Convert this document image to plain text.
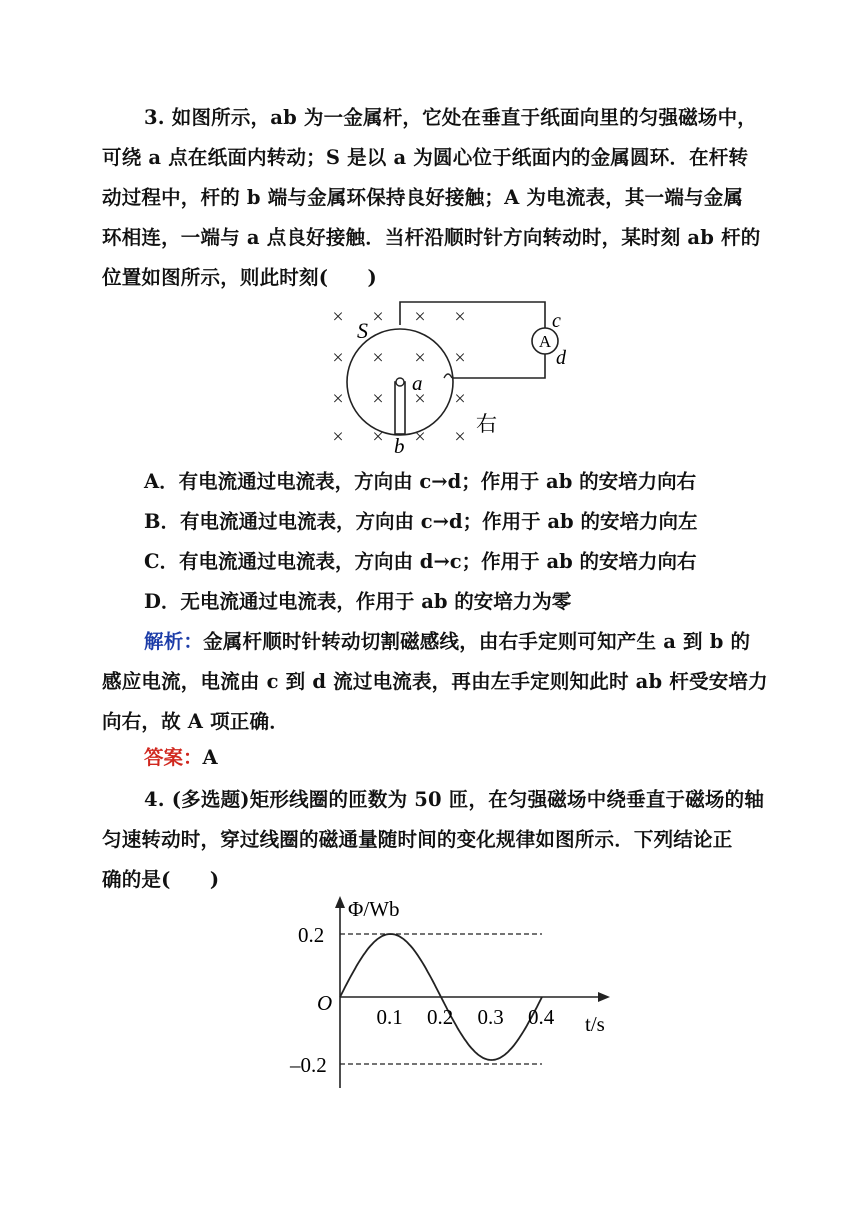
3. 如图所示，ab 为一金属杆，它处在垂直于纸面向里的匀强磁场中，
可绕 a 点在纸面内转动；S 是以 a 为圆心位于纸面内的金属圆环．在杆转
动过程中，杆的 b 端与金属环保持良好接触；A 为电流表，其一端与金属
环相连，一端与 a 点良好接触．当杆沿顺时针方向转动时，某时刻 ab 杆的
位置如图所示，则此时刻(　　)
× × × ×
× × × ×
× × × ×
× × × ×
A
S
a
b
c
d
右
A．有电流通过电流表，方向由 c→d；作用于 ab 的安培力向右
B．有电流通过电流表，方向由 c→d；作用于 ab 的安培力向左
C．有电流通过电流表，方向由 d→c；作用于 ab 的安培力向右
D．无电流通过电流表，作用于 ab 的安培力为零
解析：金属杆顺时针转动切割磁感线，由右手定则可知产生 a 到 b 的
感应电流，电流由 c 到 d 流过电流表，再由左手定则知此时 ab 杆受安培力
向右，故 A 项正确．
答案：A
4. (多选题)矩形线圈的匝数为 50 匝，在匀强磁场中绕垂直于磁场的轴
匀速转动时，穿过线圈的磁通量随时间的变化规律如图所示．下列结论正
确的是(　　)
Φ/Wb
t/s
O
0.2
–0.2
0.1 0.2 0.3 0.4
